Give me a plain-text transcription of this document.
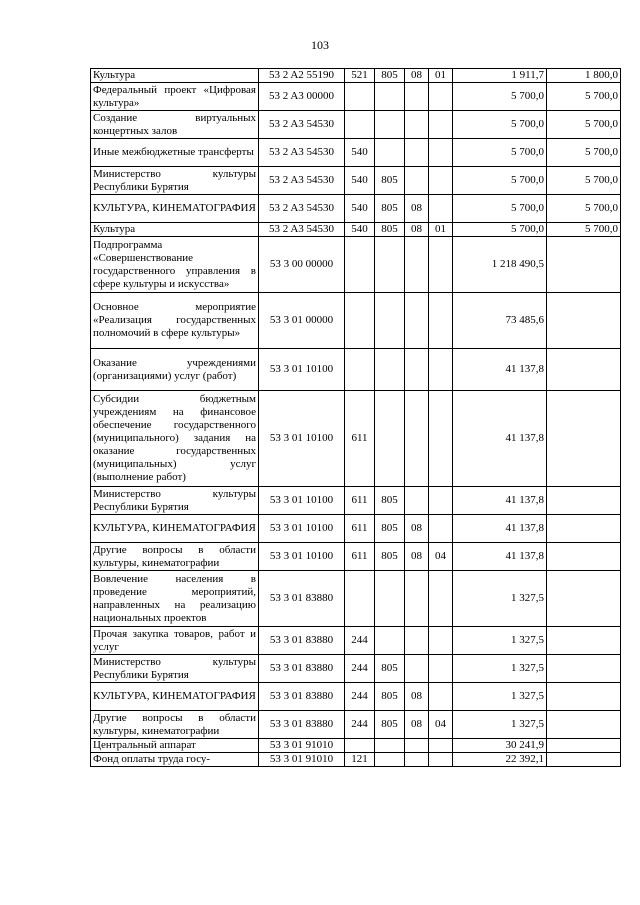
103
Культура	53 2 A2 55190	521	805	08	01	1 911,7	1 800,0
Федеральный проект «Цифровая культура»	53 2 A3 00000					5 700,0	5 700,0
Создание виртуальных концертных залов	53 2 A3 54530					5 700,0	5 700,0
Иные межбюджетные трансферты	53 2 A3 54530	540				5 700,0	5 700,0
Министерство культуры Республики Бурятия	53 2 A3 54530	540	805			5 700,0	5 700,0
КУЛЬТУРА, КИНЕМАТОГРАФИЯ	53 2 A3 54530	540	805	08		5 700,0	5 700,0
Культура	53 2 A3 54530	540	805	08	01	5 700,0	5 700,0
Подпрограмма «Совершенствование государственного управления в сфере культуры и искусства»	53 3 00 00000					1 218 490,5	
Основное мероприятие «Реализация государственных полномочий в сфере культуры»	53 3 01 00000					73 485,6	
Оказание учреждениями (организациями) услуг (работ)	53 3 01 10100					41 137,8	
Субсидии бюджетным учреждениям на финансовое обеспечение государственного (муниципального) задания на оказание государственных (муниципальных) услуг (выполнение работ)	53 3 01 10100	611				41 137,8	
Министерство культуры Республики Бурятия	53 3 01 10100	611	805			41 137,8	
КУЛЬТУРА, КИНЕМАТОГРАФИЯ	53 3 01 10100	611	805	08		41 137,8	
Другие вопросы в области культуры, кинематографии	53 3 01 10100	611	805	08	04	41 137,8	
Вовлечение населения в проведение мероприятий, направленных на реализацию национальных проектов	53 3 01 83880					1 327,5	
Прочая закупка товаров, работ и услуг	53 3 01 83880	244				1 327,5	
Министерство культуры Республики Бурятия	53 3 01 83880	244	805			1 327,5	
КУЛЬТУРА, КИНЕМАТОГРАФИЯ	53 3 01 83880	244	805	08		1 327,5	
Другие вопросы в области культуры, кинематографии	53 3 01 83880	244	805	08	04	1 327,5	
Центральный аппарат	53 3 01 91010					30 241,9	
Фонд оплаты труда госу-	53 3 01 91010	121				22 392,1	
